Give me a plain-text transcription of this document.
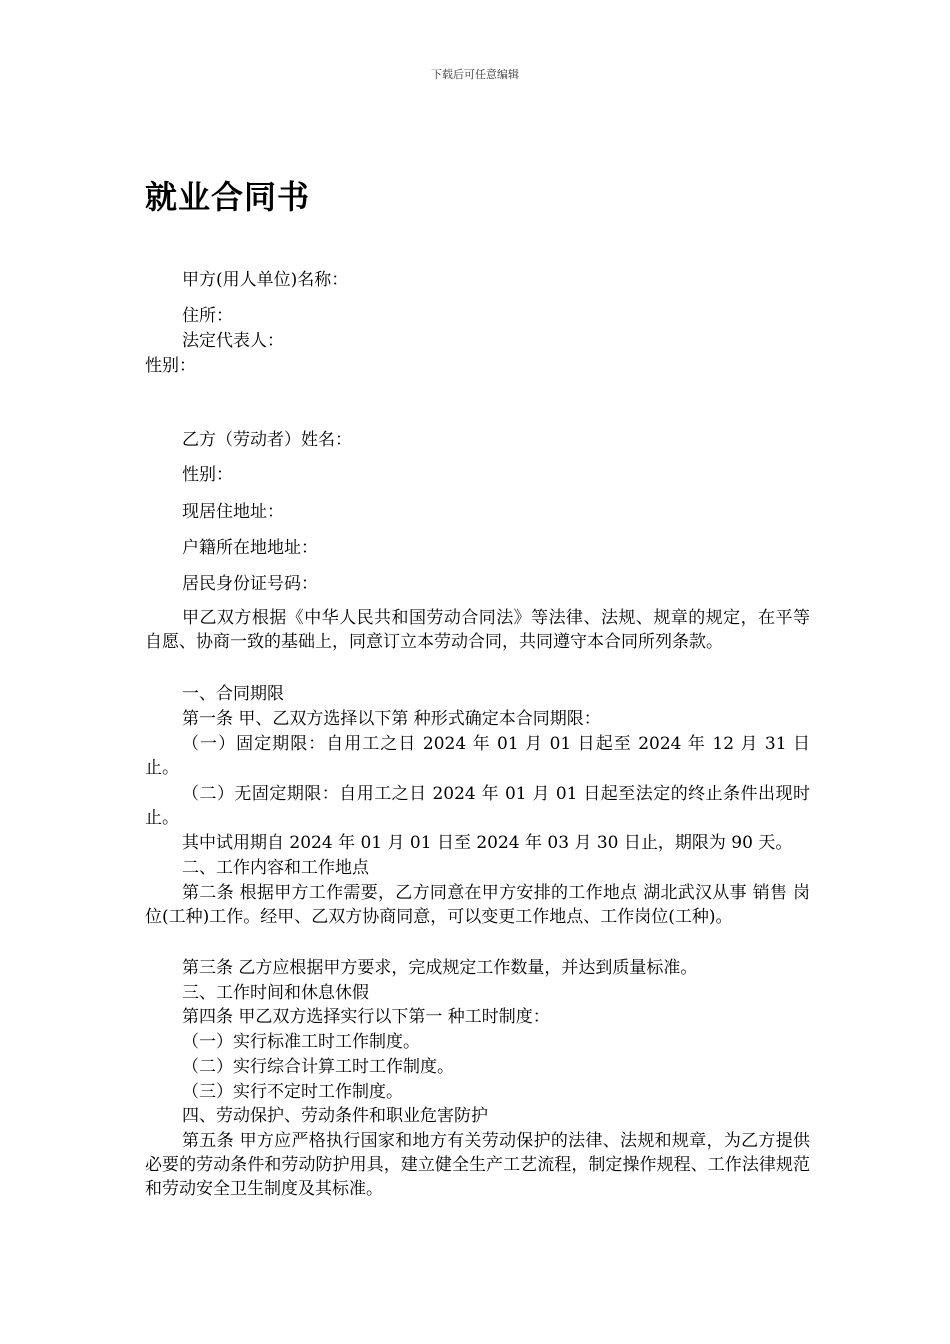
下载后可任意编辑
就业合同书
甲方(用人单位)名称：
住所：
法定代表人：
性别：
乙方（劳动者）姓名：
性别：
现居住地址：
户籍所在地地址：
居民身份证号码：
甲乙双方根据《中华人民共和国劳动合同法》等法律、法规、规章的规定，在平等自愿、协商一致的基础上，同意订立本劳动合同，共同遵守本合同所列条款。
一、合同期限
第一条 甲、乙双方选择以下第 种形式确定本合同期限：
（一）固定期限：自用工之日 2024 年 01 月 01 日起至 2024 年 12 月 31 日止。
（二）无固定期限：自用工之日 2024 年 01 月 01 日起至法定的终止条件出现时止。
其中试用期自 2024 年 01 月 01 日至 2024 年 03 月 30 日止，期限为 90 天。
二、工作内容和工作地点
第二条 根据甲方工作需要，乙方同意在甲方安排的工作地点 湖北武汉从事 销售 岗位(工种)工作。经甲、乙双方协商同意，可以变更工作地点、工作岗位(工种)。
第三条 乙方应根据甲方要求，完成规定工作数量，并达到质量标准。
三、工作时间和休息休假
第四条 甲乙双方选择实行以下第一 种工时制度：
（一）实行标准工时工作制度。
（二）实行综合计算工时工作制度。
（三）实行不定时工作制度。
四、劳动保护、劳动条件和职业危害防护
第五条 甲方应严格执行国家和地方有关劳动保护的法律、法规和规章，为乙方提供必要的劳动条件和劳动防护用具，建立健全生产工艺流程，制定操作规程、工作法律规范和劳动安全卫生制度及其标准。
